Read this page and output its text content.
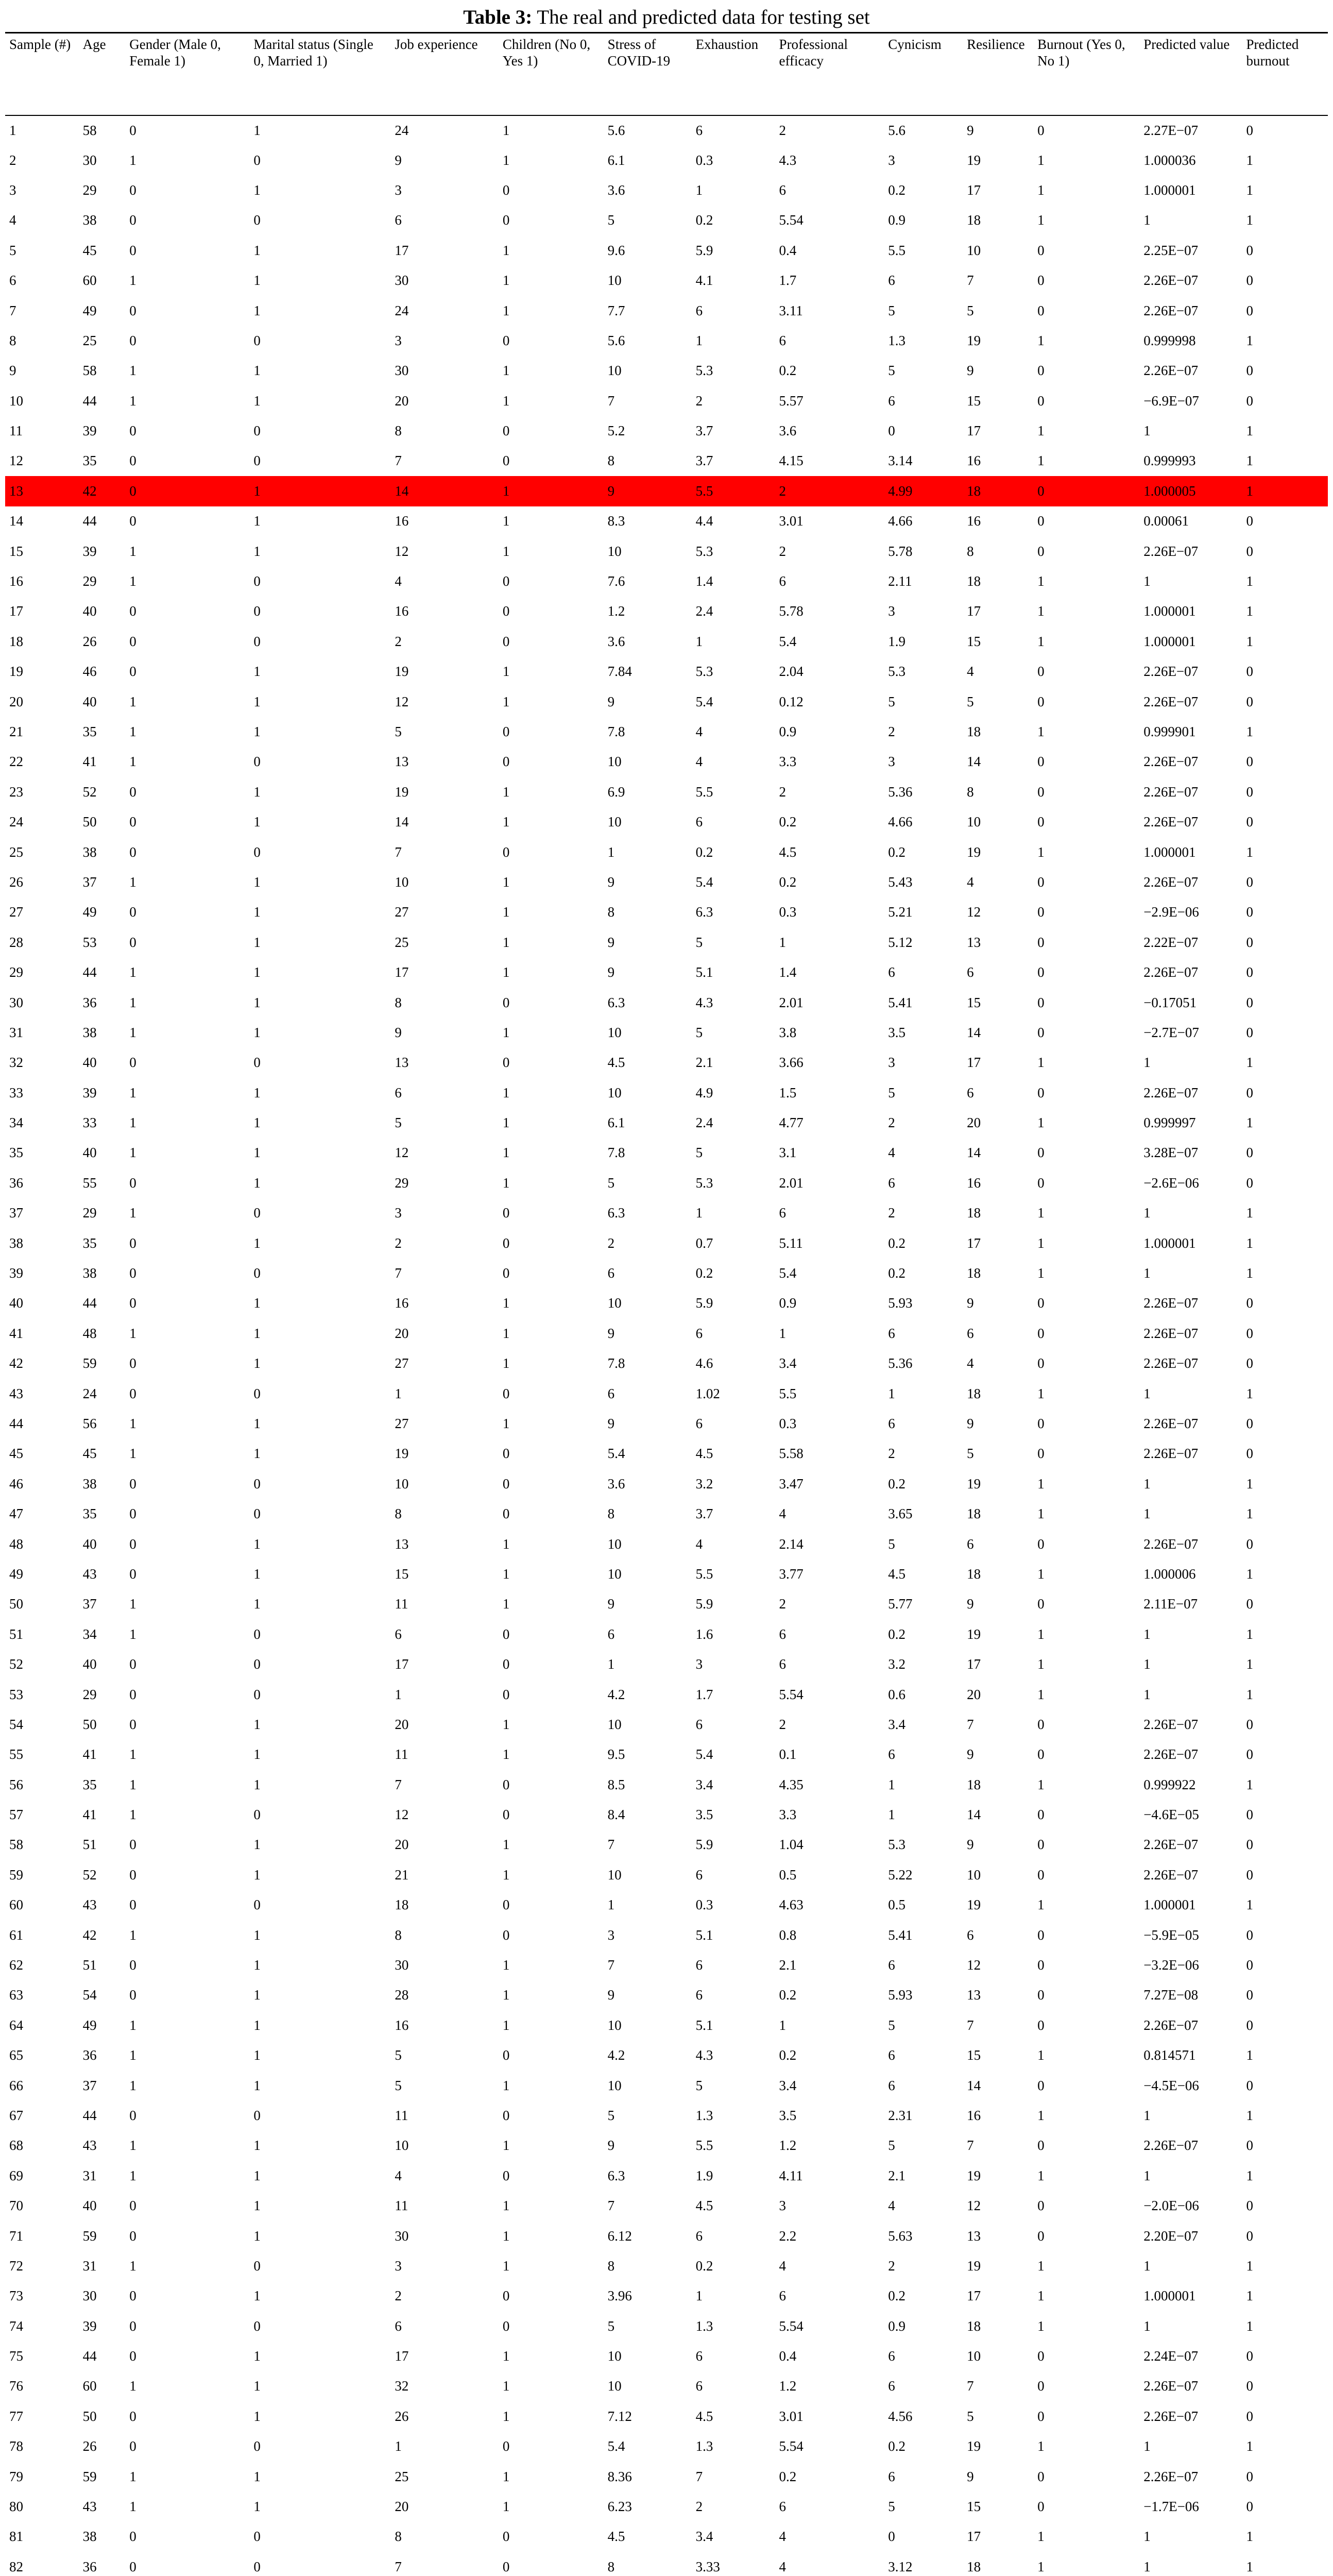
Table 3: The real and predicted data for testing set
Sample (#)	Age	Gender (Male 0, Female 1)	Marital status (Single 0, Married 1)	Job experience	Children (No 0, Yes 1)	Stress of COVID-19	Exhaustion	Professional efficacy	Cynicism	Resilience	Burnout (Yes 0, No 1)	Predicted value	Predicted burnout
1	58	0	1	24	1	5.6	6	2	5.6	9	0	2.27E−07	0
2	30	1	0	9	1	6.1	0.3	4.3	3	19	1	1.000036	1
3	29	0	1	3	0	3.6	1	6	0.2	17	1	1.000001	1
4	38	0	0	6	0	5	0.2	5.54	0.9	18	1	1	1
5	45	0	1	17	1	9.6	5.9	0.4	5.5	10	0	2.25E−07	0
6	60	1	1	30	1	10	4.1	1.7	6	7	0	2.26E−07	0
7	49	0	1	24	1	7.7	6	3.11	5	5	0	2.26E−07	0
8	25	0	0	3	0	5.6	1	6	1.3	19	1	0.999998	1
9	58	1	1	30	1	10	5.3	0.2	5	9	0	2.26E−07	0
10	44	1	1	20	1	7	2	5.57	6	15	0	−6.9E−07	0
11	39	0	0	8	0	5.2	3.7	3.6	0	17	1	1	1
12	35	0	0	7	0	8	3.7	4.15	3.14	16	1	0.999993	1
13	42	0	1	14	1	9	5.5	2	4.99	18	0	1.000005	1
14	44	0	1	16	1	8.3	4.4	3.01	4.66	16	0	0.00061	0
15	39	1	1	12	1	10	5.3	2	5.78	8	0	2.26E−07	0
16	29	1	0	4	0	7.6	1.4	6	2.11	18	1	1	1
17	40	0	0	16	0	1.2	2.4	5.78	3	17	1	1.000001	1
18	26	0	0	2	0	3.6	1	5.4	1.9	15	1	1.000001	1
19	46	0	1	19	1	7.84	5.3	2.04	5.3	4	0	2.26E−07	0
20	40	1	1	12	1	9	5.4	0.12	5	5	0	2.26E−07	0
21	35	1	1	5	0	7.8	4	0.9	2	18	1	0.999901	1
22	41	1	0	13	0	10	4	3.3	3	14	0	2.26E−07	0
23	52	0	1	19	1	6.9	5.5	2	5.36	8	0	2.26E−07	0
24	50	0	1	14	1	10	6	0.2	4.66	10	0	2.26E−07	0
25	38	0	0	7	0	1	0.2	4.5	0.2	19	1	1.000001	1
26	37	1	1	10	1	9	5.4	0.2	5.43	4	0	2.26E−07	0
27	49	0	1	27	1	8	6.3	0.3	5.21	12	0	−2.9E−06	0
28	53	0	1	25	1	9	5	1	5.12	13	0	2.22E−07	0
29	44	1	1	17	1	9	5.1	1.4	6	6	0	2.26E−07	0
30	36	1	1	8	0	6.3	4.3	2.01	5.41	15	0	−0.17051	0
31	38	1	1	9	1	10	5	3.8	3.5	14	0	−2.7E−07	0
32	40	0	0	13	0	4.5	2.1	3.66	3	17	1	1	1
33	39	1	1	6	1	10	4.9	1.5	5	6	0	2.26E−07	0
34	33	1	1	5	1	6.1	2.4	4.77	2	20	1	0.999997	1
35	40	1	1	12	1	7.8	5	3.1	4	14	0	3.28E−07	0
36	55	0	1	29	1	5	5.3	2.01	6	16	0	−2.6E−06	0
37	29	1	0	3	0	6.3	1	6	2	18	1	1	1
38	35	0	1	2	0	2	0.7	5.11	0.2	17	1	1.000001	1
39	38	0	0	7	0	6	0.2	5.4	0.2	18	1	1	1
40	44	0	1	16	1	10	5.9	0.9	5.93	9	0	2.26E−07	0
41	48	1	1	20	1	9	6	1	6	6	0	2.26E−07	0
42	59	0	1	27	1	7.8	4.6	3.4	5.36	4	0	2.26E−07	0
43	24	0	0	1	0	6	1.02	5.5	1	18	1	1	1
44	56	1	1	27	1	9	6	0.3	6	9	0	2.26E−07	0
45	45	1	1	19	0	5.4	4.5	5.58	2	5	0	2.26E−07	0
46	38	0	0	10	0	3.6	3.2	3.47	0.2	19	1	1	1
47	35	0	0	8	0	8	3.7	4	3.65	18	1	1	1
48	40	0	1	13	1	10	4	2.14	5	6	0	2.26E−07	0
49	43	0	1	15	1	10	5.5	3.77	4.5	18	1	1.000006	1
50	37	1	1	11	1	9	5.9	2	5.77	9	0	2.11E−07	0
51	34	1	0	6	0	6	1.6	6	0.2	19	1	1	1
52	40	0	0	17	0	1	3	6	3.2	17	1	1	1
53	29	0	0	1	0	4.2	1.7	5.54	0.6	20	1	1	1
54	50	0	1	20	1	10	6	2	3.4	7	0	2.26E−07	0
55	41	1	1	11	1	9.5	5.4	0.1	6	9	0	2.26E−07	0
56	35	1	1	7	0	8.5	3.4	4.35	1	18	1	0.999922	1
57	41	1	0	12	0	8.4	3.5	3.3	1	14	0	−4.6E−05	0
58	51	0	1	20	1	7	5.9	1.04	5.3	9	0	2.26E−07	0
59	52	0	1	21	1	10	6	0.5	5.22	10	0	2.26E−07	0
60	43	0	0	18	0	1	0.3	4.63	0.5	19	1	1.000001	1
61	42	1	1	8	0	3	5.1	0.8	5.41	6	0	−5.9E−05	0
62	51	0	1	30	1	7	6	2.1	6	12	0	−3.2E−06	0
63	54	0	1	28	1	9	6	0.2	5.93	13	0	7.27E−08	0
64	49	1	1	16	1	10	5.1	1	5	7	0	2.26E−07	0
65	36	1	1	5	0	4.2	4.3	0.2	6	15	1	0.814571	1
66	37	1	1	5	1	10	5	3.4	6	14	0	−4.5E−06	0
67	44	0	0	11	0	5	1.3	3.5	2.31	16	1	1	1
68	43	1	1	10	1	9	5.5	1.2	5	7	0	2.26E−07	0
69	31	1	1	4	0	6.3	1.9	4.11	2.1	19	1	1	1
70	40	0	1	11	1	7	4.5	3	4	12	0	−2.0E−06	0
71	59	0	1	30	1	6.12	6	2.2	5.63	13	0	2.20E−07	0
72	31	1	0	3	1	8	0.2	4	2	19	1	1	1
73	30	0	1	2	0	3.96	1	6	0.2	17	1	1.000001	1
74	39	0	0	6	0	5	1.3	5.54	0.9	18	1	1	1
75	44	0	1	17	1	10	6	0.4	6	10	0	2.24E−07	0
76	60	1	1	32	1	10	6	1.2	6	7	0	2.26E−07	0
77	50	0	1	26	1	7.12	4.5	3.01	4.56	5	0	2.26E−07	0
78	26	0	0	1	0	5.4	1.3	5.54	0.2	19	1	1	1
79	59	1	1	25	1	8.36	7	0.2	6	9	0	2.26E−07	0
80	43	1	1	20	1	6.23	2	6	5	15	0	−1.7E−06	0
81	38	0	0	8	0	4.5	3.4	4	0	17	1	1	1
82	36	0	0	7	0	8	3.33	4	3.12	18	1	1	1
